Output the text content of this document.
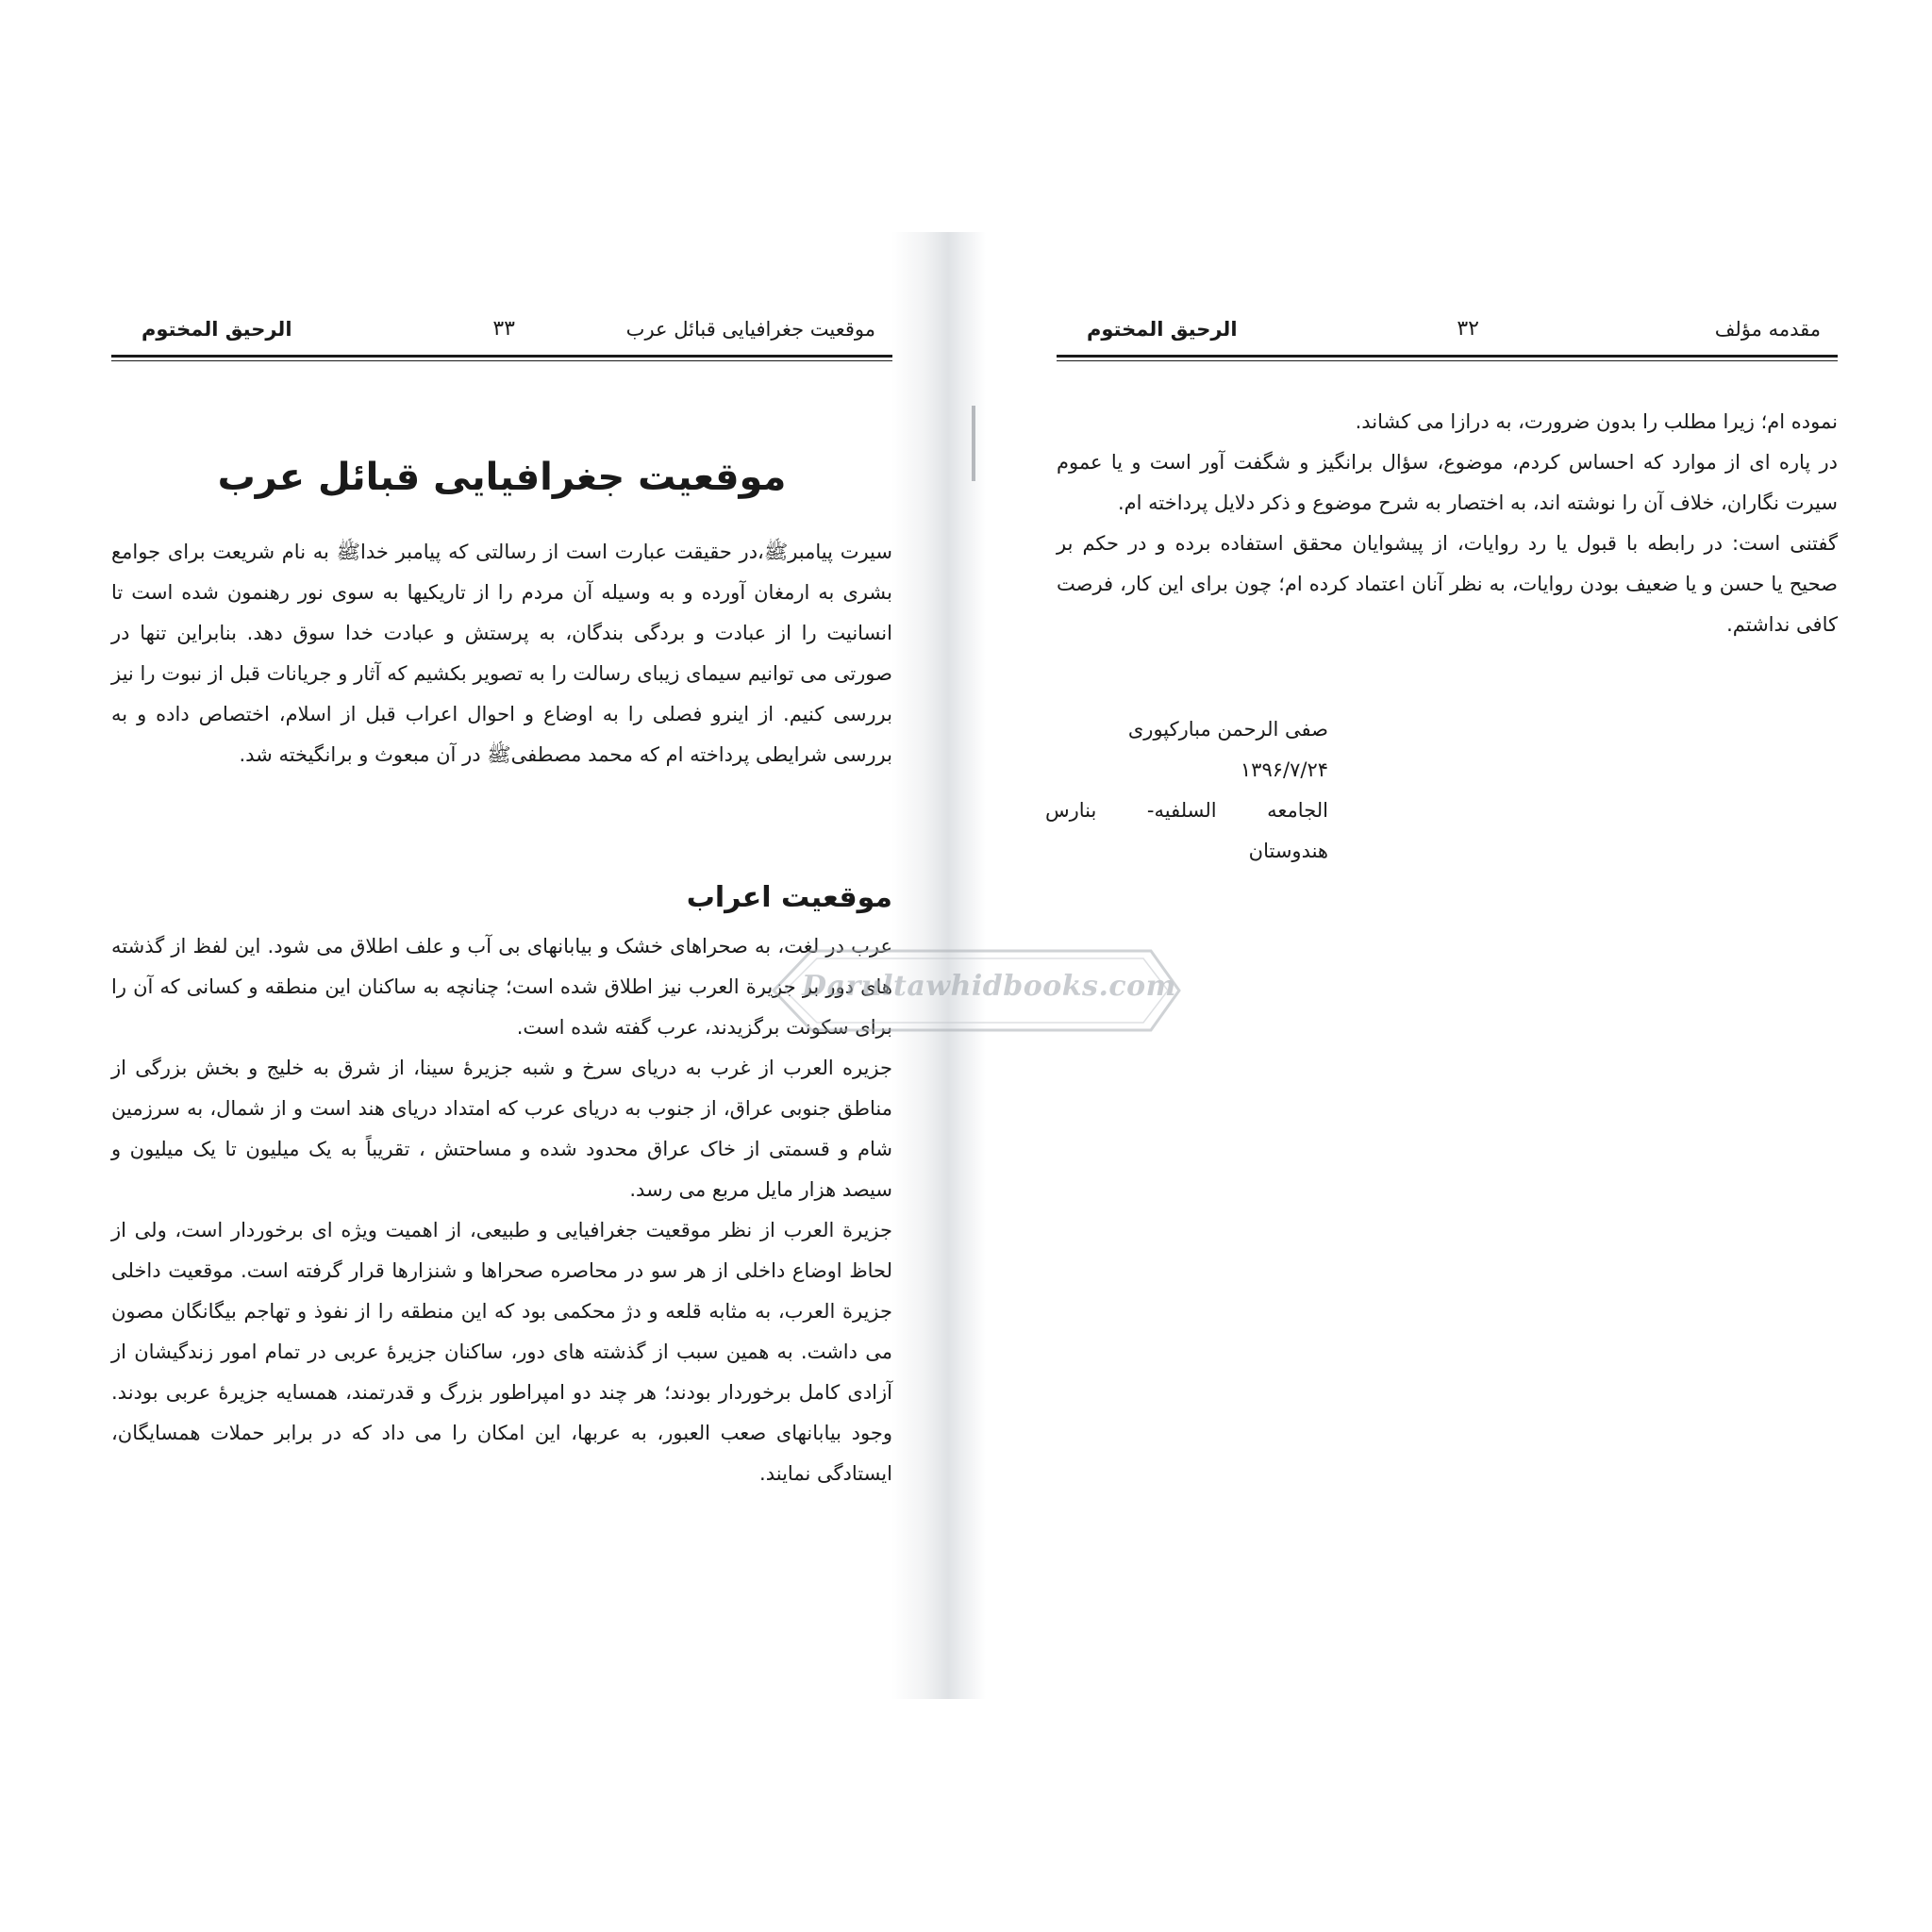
موقعیت جغرافیایی قبائل عرب
۳۳
الرحیق المختوم
موقعیت جغرافیایی قبائل عرب

سیرت پیامبرﷺ،در حقیقت عبارت است از رسالتی که پیامبر خداﷺ به نام شریعت برای جوامع بشری به ارمغان آورده و به وسیله آن مردم را از تاریکیها به سوی نور رهنمون شده است تا انسانیت را از عبادت و بردگی بندگان، به پرستش و عبادت خدا سوق دهد. بنابراین تنها در صورتی می توانیم سیمای زیبای رسالت را به تصویر بکشیم که آثار و جریانات قبل از نبوت را نیز بررسی کنیم. از اینرو فصلی را به اوضاع و احوال اعراب قبل از اسلام، اختصاص داده و به بررسی شرایطی پرداخته ام که محمد مصطفیﷺ در آن مبعوث و برانگیخته شد.

موقعیت اعراب

عرب در لغت، به صحراهای خشک و بیابانهای بی آب و علف اطلاق می شود. این لفظ از گذشته های دور بر جزیرة العرب نیز اطلاق شده است؛ چنانچه به ساکنان این منطقه و کسانی که آن را برای سکونت برگزیدند، عرب گفته شده است.

جزیره العرب از غرب به دریای سرخ و شبه جزیرهٔ سینا، از شرق به خلیج و بخش بزرگی از مناطق جنوبی عراق، از جنوب به دریای عرب که امتداد دریای هند است و از شمال، به سرزمین شام و قسمتی از خاک عراق محدود شده و مساحتش ، تقریباً به یک میلیون تا یک میلیون و سیصد هزار مایل مربع می رسد.

جزیرة العرب از نظر موقعیت جغرافیایی و طبیعی، از اهمیت ویژه ای برخوردار است، ولی از لحاظ اوضاع داخلی از هر سو در محاصره صحراها و شنزارها قرار گرفته است. موقعیت داخلی جزیرة العرب، به مثابه قلعه و دژ محکمی بود که این منطقه را از نفوذ و تهاجم بیگانگان مصون می داشت. به همین سبب از گذشته های دور، ساکنان جزیرهٔ عربی در تمام امور زندگیشان از آزادی کامل برخوردار بودند؛ هر چند دو امپراطور بزرگ و قدرتمند، همسایه جزیرهٔ عربی بودند. وجود بیابانهای صعب العبور، به عربها، این امکان را می داد که در برابر حملات همسایگان، ایستادگی نمایند.

مقدمه مؤلف
۳۲
الرحیق المختوم

نموده ام؛ زیرا مطلب را بدون ضرورت، به درازا می کشاند.

در پاره ای از موارد که احساس کردم، موضوع، سؤال برانگیز و شگفت آور است و یا عموم سیرت نگاران، خلاف آن را نوشته اند، به اختصار به شرح موضوع و ذکر دلایل پرداخته ام.

گفتنی است: در رابطه با قبول یا رد روایات، از پیشوایان محقق استفاده برده و در حکم بر صحیح یا حسن و یا ضعیف بودن روایات، به نظر آنان اعتماد کرده ام؛ چون برای این کار، فرصت کافی نداشتم.

صفی الرحمن مبارکپوری

۱۳۹۶/۷/۲۴

الجامعه السلفیه- بنارس

هندوستان

Darultawhidbooks.com
